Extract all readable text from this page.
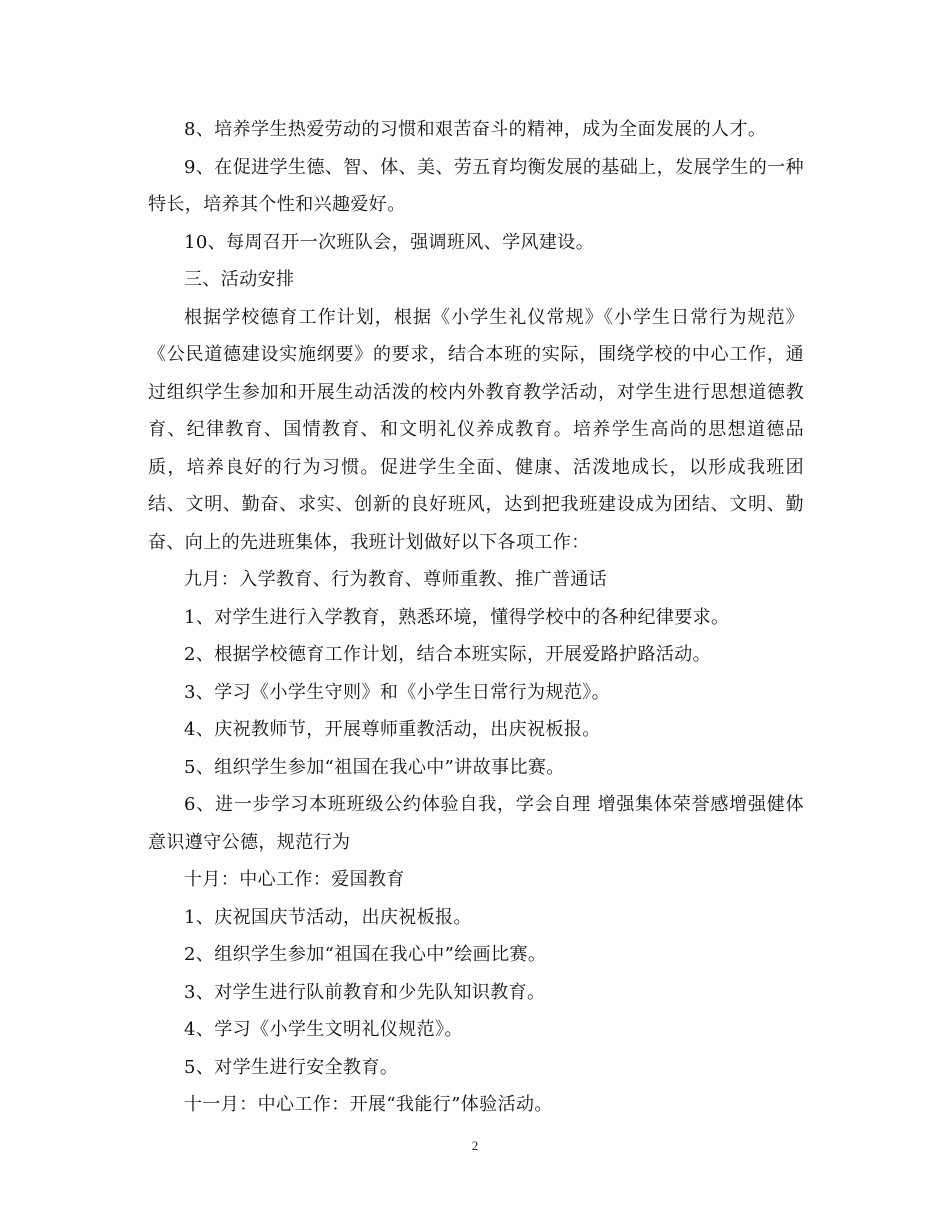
8、培养学生热爱劳动的习惯和艰苦奋斗的精神，成为全面发展的人才。

9、在促进学生德、智、体、美、劳五育均衡发展的基础上，发展学生的一种特长，培养其个性和兴趣爱好。

10、每周召开一次班队会，强调班风、学风建设。

三、活动安排

根据学校德育工作计划，根据《小学生礼仪常规》《小学生日常行为规范》《公民道德建设实施纲要》的要求，结合本班的实际，围绕学校的中心工作，通过组织学生参加和开展生动活泼的校内外教育教学活动，对学生进行思想道德教育、纪律教育、国情教育、和文明礼仪养成教育。培养学生高尚的思想道德品质，培养良好的行为习惯。促进学生全面、健康、活泼地成长，以形成我班团结、文明、勤奋、求实、创新的良好班风，达到把我班建设成为团结、文明、勤奋、向上的先进班集体，我班计划做好以下各项工作：

九月：入学教育、行为教育、尊师重教、推广普通话

1、对学生进行入学教育，熟悉环境，懂得学校中的各种纪律要求。

2、根据学校德育工作计划，结合本班实际，开展爱路护路活动。

3、学习《小学生守则》和《小学生日常行为规范》。

4、庆祝教师节，开展尊师重教活动，出庆祝板报。

5、组织学生参加“祖国在我心中”讲故事比赛。

6、进一步学习本班班级公约体验自我，学会自理 增强集体荣誉感增强健体意识遵守公德，规范行为

十月：中心工作：爱国教育

1、庆祝国庆节活动，出庆祝板报。

2、组织学生参加“祖国在我心中”绘画比赛。

3、对学生进行队前教育和少先队知识教育。

4、学习《小学生文明礼仪规范》。

5、对学生进行安全教育。

十一月：中心工作：开展“我能行”体验活动。

2
